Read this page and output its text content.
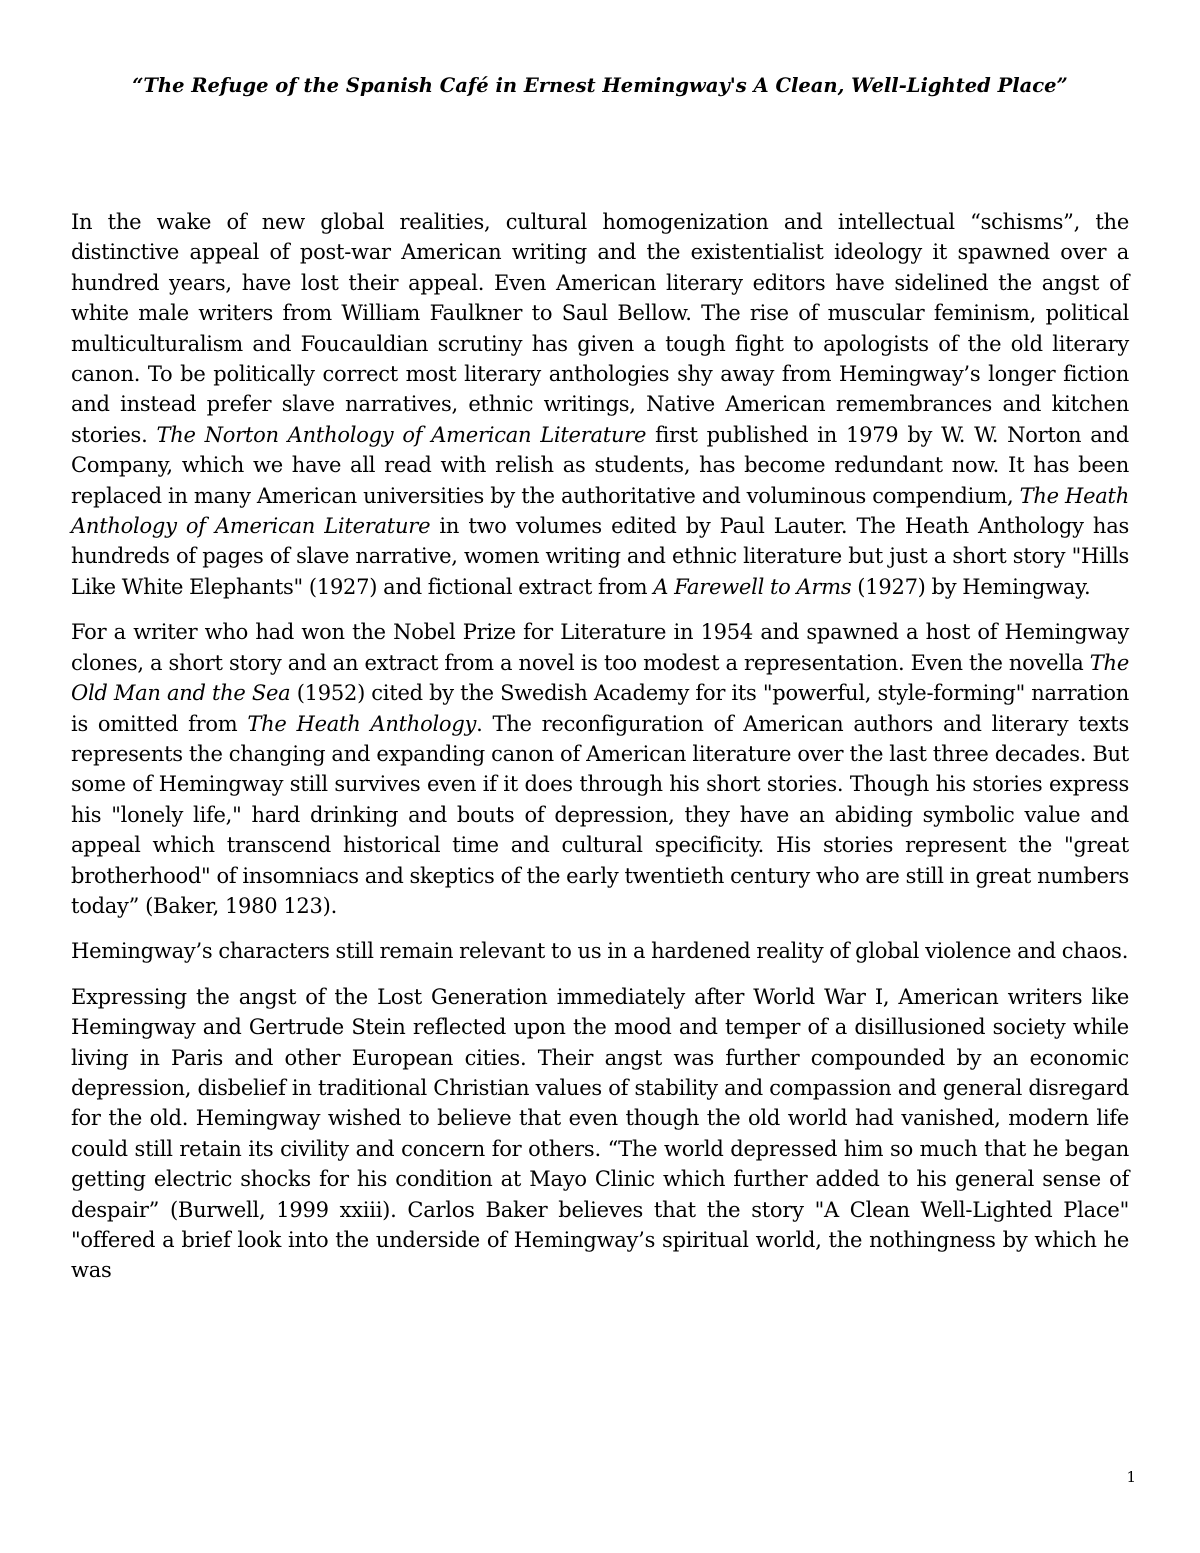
“The Refuge of the Spanish Café in Ernest Hemingway's A Clean, Well-Lighted Place”

In the wake of new global realities, cultural homogenization and intellectual “schisms”, the distinctive appeal of post-war American writing and the existentialist ideology it spawned over a hundred years, have lost their appeal. Even American literary editors have sidelined the angst of white male writers from William Faulkner to Saul Bellow. The rise of muscular feminism, political multiculturalism and Foucauldian scrutiny has given a tough fight to apologists of the old literary canon. To be politically correct most literary anthologies shy away from Hemingway’s longer fiction and instead prefer slave narratives, ethnic writings, Native American remembrances and kitchen stories. The Norton Anthology of American Literature first published in 1979 by W. W. Norton and Company, which we have all read with relish as students, has become redundant now. It has been replaced in many American universities by the authoritative and voluminous compendium, The Heath Anthology of American Literature in two volumes edited by Paul Lauter. The Heath Anthology has hundreds of pages of slave narrative, women writing and ethnic literature but just a short story "Hills Like White Elephants" (1927) and fictional extract from A Farewell to Arms (1927) by Hemingway.

For a writer who had won the Nobel Prize for Literature in 1954 and spawned a host of Hemingway clones, a short story and an extract from a novel is too modest a representation. Even the novella The Old Man and the Sea (1952) cited by the Swedish Academy for its "powerful, style-forming" narration is omitted from The Heath Anthology. The reconfiguration of American authors and literary texts represents the changing and expanding canon of American literature over the last three decades. But some of Hemingway still survives even if it does through his short stories. Though his stories express his "lonely life," hard drinking and bouts of depression, they have an abiding symbolic value and appeal which transcend historical time and cultural specificity. His stories represent the "great brotherhood" of insomniacs and skeptics of the early twentieth century who are still in great numbers today” (Baker, 1980 123).

Hemingway’s characters still remain relevant to us in a hardened reality of global violence and chaos.

Expressing the angst of the Lost Generation immediately after World War I, American writers like Hemingway and Gertrude Stein reflected upon the mood and temper of a disillusioned society while living in Paris and other European cities. Their angst was further compounded by an economic depression, disbelief in traditional Christian values of stability and compassion and general disregard for the old. Hemingway wished to believe that even though the old world had vanished, modern life could still retain its civility and concern for others. “The world depressed him so much that he began getting electric shocks for his condition at Mayo Clinic which further added to his general sense of despair” (Burwell, 1999 xxiii). Carlos Baker believes that the story "A Clean Well-Lighted Place" "offered a brief look into the underside of Hemingway’s spiritual world, the nothingness by which he was

1
